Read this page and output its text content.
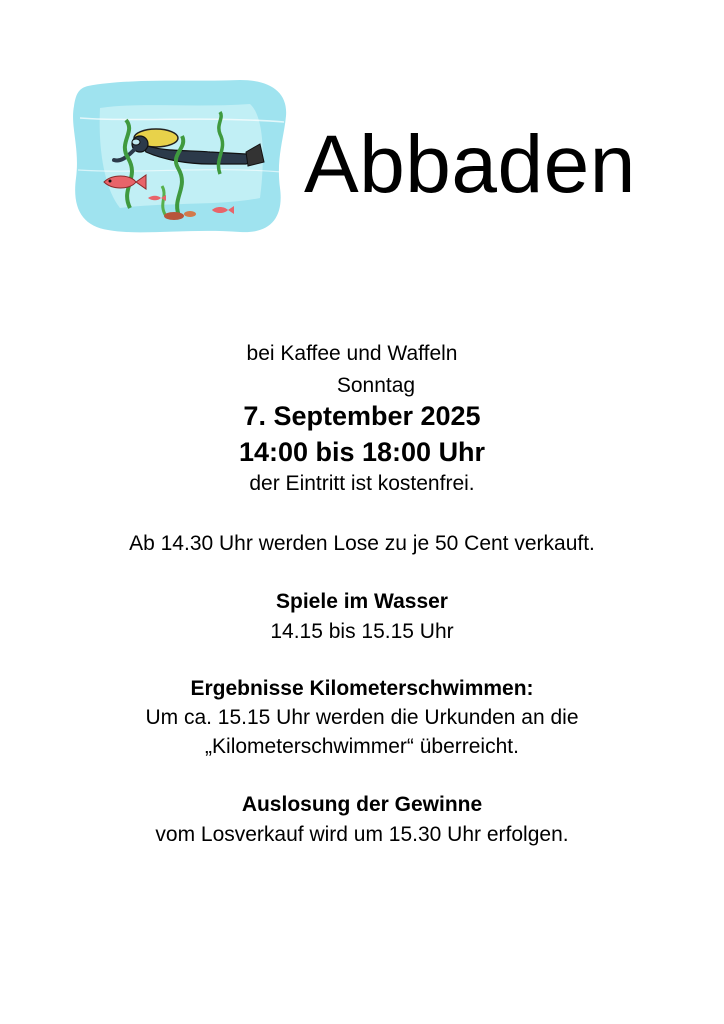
Abbaden

bei Kaffee und Waffeln

Sonntag

7. September 2025

14:00 bis 18:00 Uhr

der Eintritt ist kostenfrei.

Ab 14.30 Uhr werden Lose zu je 50 Cent verkauft.

Spiele im Wasser

14.15 bis 15.15 Uhr

Ergebnisse Kilometerschwimmen:

Um ca. 15.15 Uhr werden die Urkunden an die

„Kilometerschwimmer“ überreicht.

Auslosung der Gewinne

vom Losverkauf wird um 15.30 Uhr erfolgen.
